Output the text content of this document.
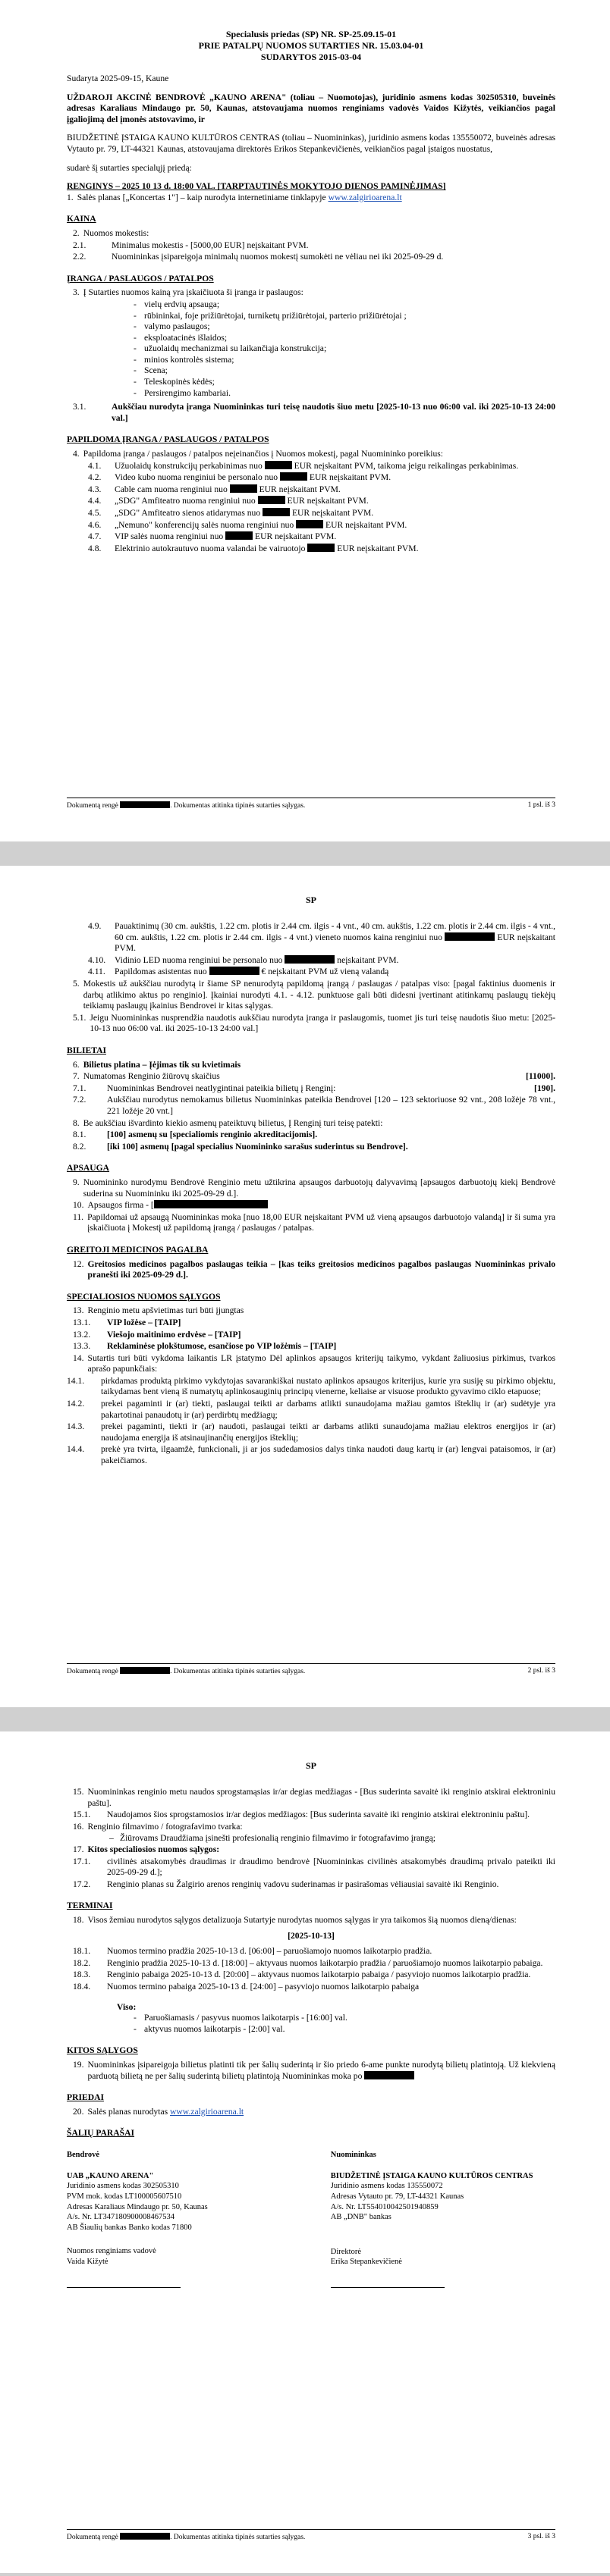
Specialusis priedas (SP) NR. SP-25.09.15-01
PRIE PATALPŲ NUOMOS SUTARTIES NR. 15.03.04-01
SUDARYTOS 2015-03-04

Sudaryta 2025-09-15, Kaune

UŽDAROJI AKCINĖ BENDROVĖ „KAUNO ARENA" (toliau – Nuomotojas), juridinio asmens kodas 302505310, buveinės adresas Karaliaus Mindaugo pr. 50, Kaunas, atstovaujama nuomos renginiams vadovės Vaidos Kižytės, veikiančios pagal įgaliojimą del įmonės atstovavimo, ir

BIUDŽETINĖ ĮSTAIGA KAUNO KULTŪROS CENTRAS (toliau – Nuomininkas), juridinio asmens kodas 135550072, buveinės adresas Vytauto pr. 79, LT-44321 Kaunas, atstovaujama direktorės Erikos Stepankevičienės, veikiančios pagal įstaigos nuostatus,

sudarė šį sutarties specialųjį priedą:

RENGINYS – 2025 10 13 d. 18:00 VAL. [TARPTAUTINĖS MOKYTOJO DIENOS PAMINĖJIMAS]
1. Salės planas [„Koncertas 1"] – kaip nurodyta internetiniame tinklapyje www.zalgirioarena.lt
KAINA
2. Nuomos mokestis:
2.1.	Minimalus mokestis - [5000,00 EUR] neįskaitant PVM.
2.2.	Nuomininkas įsipareigoja minimalų nuomos mokestį sumokėti ne vėliau nei iki 2025-09-29 d.
ĮRANGA / PASLAUGOS / PATALPOS
3. Į Sutarties nuomos kainą yra įskaičiuota ši įranga ir paslaugos:
- vielų erdvių apsauga;
- rūbininkai, foje prižiūrėtojai, turniketų prižiūrėtojai, parterio prižiūrėtojai ;
- valymo paslaugos;
- eksploatacinės išlaidos;
- užuolaidų mechanizmai su laikančiąja konstrukcija;
- minios kontrolės sistema;
- Scena;
- Teleskopinės kėdės;
- Persirengimo kambariai.
3.1.	Aukščiau nurodyta įranga Nuomininkas turi teisę naudotis šiuo metu [2025-10-13 nuo 06:00 val. iki 2025-10-13 24:00 val.]
PAPILDOMA ĮRANGA / PASLAUGOS / PATALPOS
4. Papildoma įranga / paslaugos / patalpos neįeinančios į Nuomos mokestį, pagal Nuomininko poreikius:
4.1.	Užuolaidų konstrukcijų perkabinimas nuo	EUR neįskaitant PVM, taikoma jeigu reikalingas perkabinimas.
4.2.	Video kubo nuoma renginiui be personalo nuo	EUR neįskaitant PVM.
4.3.	Cable cam nuoma renginiui nuo	EUR neįskaitant PVM.
4.4.	„SDG" Amfiteatro nuoma renginiui nuo	EUR neįskaitant PVM.
4.5.	„SDG" Amfiteatro sienos atidarymas nuo	EUR neįskaitant PVM.
4.6.	„Nemuno" konferencijų salės nuoma renginiui nuo	EUR neįskaitant PVM.
4.7.	VIP salės nuoma renginiui nuo	EUR neįskaitant PVM.
4.8.	Elektrinio autokrautuvo nuoma valandai be vairuotojo	EUR neįskaitant PVM.
Dokumentą rengė	. Dokumentas atitinka tipinės sutarties sąlygas.	1 psl. iš 3
SP
4.9.	Pauaktinimų (30 cm. aukštis, 1.22 cm. plotis ir 2.44 cm. ilgis - 4 vnt., 40 cm. aukštis, 1.22 cm. plotis ir 2.44 cm. ilgis - 4 vnt., 60 cm. aukštis, 1.22 cm. plotis ir 2.44 cm. ilgis - 4 vnt.) vieneto nuomos kaina renginiui nuo	EUR neįskaitant PVM.
4.10.	Vidinio LED nuoma renginiui be personalo nuo	neįskaitant PVM.
4.11.	Papildomas asistentas nuo	€ neįskaitant PVM už vieną valandą
5. Mokestis už aukščiau nurodytą ir šiame SP nenurodytą papildomą įrangą / paslaugas / patalpas viso: [pagal faktinius duomenis ir darbų atlikimo aktus po renginio]. Įkainiai nurodyti 4.1. - 4.12. punktuose gali būti didesni įvertinant atitinkamų paslaugų tiekėjų teikiamų paslaugų įkainius Bendrovei ir kitas sąlygas.
5.1. Jeigu Nuomininkas nusprendžia naudotis aukščiau nurodyta įranga ir paslaugomis, tuomet jis turi teisę naudotis šiuo metu: [2025-10-13 nuo 06:00 val. iki 2025-10-13 24:00 val.]
BILIETAI
6. Bilietus platina – Įėjimas tik su kvietimais
7. Numatomas Renginio žiūrovų skaičius	[11000].
7.1.	Nuomininkas Bendrovei neatlygintinai pateikia bilietų į Renginį:	[190].
7.2.	Aukščiau nurodytus nemokamus bilietus Nuomininkas pateikia Bendrovei [120 – 123 sektoriuose 92 vnt., 208 ložėje 78 vnt., 221 ložėje 20 vnt.]
8. Be aukščiau išvardinto kiekio asmenų pateiktuvų bilietus, Į Renginį turi teisę patekti:
8.1.	[100] asmenų su [specialiomis renginio akreditacijomis].
8.2.	[iki 100] asmenų [pagal specialius Nuomininko sarašus suderintus su Bendrove].
APSAUGA
9. Nuomininko nurodymu Bendrovė Renginio metu užtikrina apsaugos darbuotojų dalyvavimą [apsaugos darbuotojų kiekį Bendrovė suderina su Nuomininku iki 2025-09-29 d.].
10. Apsaugos firma - [
11. Papildomai už apsaugą Nuomininkas moka [nuo 18,00 EUR neįskaitant PVM už vieną apsaugos darbuotojo valandą] ir ši suma yra įskaičiuota į Mokestį už papildomą įrangą / paslaugas / patalpas.
GREITOJI MEDICINOS PAGALBA
12. Greitosios medicinos pagalbos paslaugas teikia – [kas teiks greitosios medicinos pagalbos paslaugas Nuomininkas privalo pranešti iki 2025-09-29 d.].
SPECIALIOSIOS NUOMOS SĄLYGOS
13. Renginio metu apšvietimas turi būti įjungtas
13.1.	VIP ložėse – [TAIP]
13.2.	Viešojo maitinimo erdvėse – [TAIP]
13.3.	Reklaminėse plokštumose, esančiose po VIP ložėmis – [TAIP]
14. Sutartis turi būti vykdoma laikantis LR įstatymo Dėl aplinkos apsaugos kriterijų taikymo, vykdant žaliuosius pirkimus, tvarkos aprašo papunkčiais:
14.1.	pirkdamas produktą pirkimo vykdytojas savarankiškai nustato aplinkos apsaugos kriterijus, kurie yra susiję su pirkimo objektu, taikydamas bent vieną iš numatytų aplinkosauginių principų vienerne, keliaise ar visuose produkto gyvavimo ciklo etapuose;
14.2.	prekei pagaminti ir (ar) tiekti, paslaugai teikti ar darbams atlikti sunaudojama mažiau gamtos išteklių ir (ar) sudėtyje yra pakartotinai panaudotų ir (ar) perdirbtų medžiagų;
14.3.	prekei pagaminti, tiekti ir (ar) naudoti, paslaugai teikti ar darbams atlikti sunaudojama mažiau elektros energijos ir (ar) naudojama energija iš atsinaujinančių energijos išteklių;
14.4.	prekė yra tvirta, ilgaamžė, funkcionali, ji ar jos sudedamosios dalys tinka naudoti daug kartų ir (ar) lengvai pataisomos, ir (ar) pakeičiamos.
Dokumentą rengė	. Dokumentas atitinka tipinės sutarties sąlygas.	2 psl. iš 3
SP
15. Nuomininkas renginio metu naudos sprogstamąsias ir/ar degias medžiagas - [Bus suderinta savaitė iki renginio atskirai elektroniniu paštu].
15.1.	Naudojamos šios sprogstamosios ir/ar degios medžiagos: [Bus suderinta savaitė iki renginio atskirai elektroniniu paštu].
16. Renginio filmavimo / fotografavimo tvarka:
– Žiūrovams Draudžiama įsinešti profesionalią renginio filmavimo ir fotografavimo įrangą;
17. Kitos specialiosios nuomos sąlygos:
17.1.	civilinės atsakomybės draudimas ir draudimo bendrovė [Nuomininkas civilinės atsakomybės draudimą privalo pateikti iki 2025-09-29 d.];
17.2.	Renginio planas su Žalgirio arenos renginių vadovu suderinamas ir pasirašomas vėliausiai savaitė iki Renginio.
TERMINAI
18. Visos žemiau nurodytos sąlygos detalizuoja Sutartyje nurodytas nuomos sąlygas ir yra taikomos šią nuomos dieną/dienas:
[2025-10-13]
18.1.	Nuomos termino pradžia 2025-10-13 d. [06:00] – paruošiamojo nuomos laikotarpio pradžia.
18.2.	Renginio pradžia 2025-10-13 d. [18:00] – aktyvaus nuomos laikotarpio pradžia / paruošiamojo nuomos laikotarpio pabaiga.
18.3.	Renginio pabaiga 2025-10-13 d. [20:00] – aktyvaus nuomos laikotarpio pabaiga / pasyviojo nuomos laikotarpio pradžia.
18.4.	Nuomos termino pabaiga 2025-10-13 d. [24:00] – pasyviojo nuomos laikotarpio pabaiga
Viso:
- Paruošiamasis / pasyvus nuomos laikotarpis - [16:00] val.
- aktyvus nuomos laikotarpis - [2:00] val.
KITOS SĄLYGOS
19. Nuomininkas įsipareigoja bilietus platinti tik per šalių suderintą ir šio priedo 6-ame punkte nurodytą bilietų platintoją. Už kiekvieną parduotą bilietą ne per šalių suderintą bilietų platintoją Nuomininkas moka po
PRIEDAI
20. Salės planas nurodytas www.zalgirioarena.lt
ŠALIŲ PARAŠAI

Bendrovė

UAB „KAUNO ARENA"

Juridinio asmens kodas 302505310

PVM mok. kodas LT100005607510

Adresas Karaliaus Mindaugo pr. 50, Kaunas

A/s. Nr. LT347180900008467534

AB Šiaulių bankas Banko kodas 71800

Nuomos renginiams vadovė

Vaida Kižytė

Nuomininkas

BIUDŽETINĖ ĮSTAIGA KAUNO KULTŪROS CENTRAS

Juridinio asmens kodas 135550072

Adresas Vytauto pr. 79, LT-44321 Kaunas

A/s. Nr. LT554010042501940859

AB „DNB" bankas

Direktorė

Erika Stepankevičienė

Dokumentą rengė	. Dokumentas atitinka tipinės sutarties sąlygas.	3 psl. iš 3
